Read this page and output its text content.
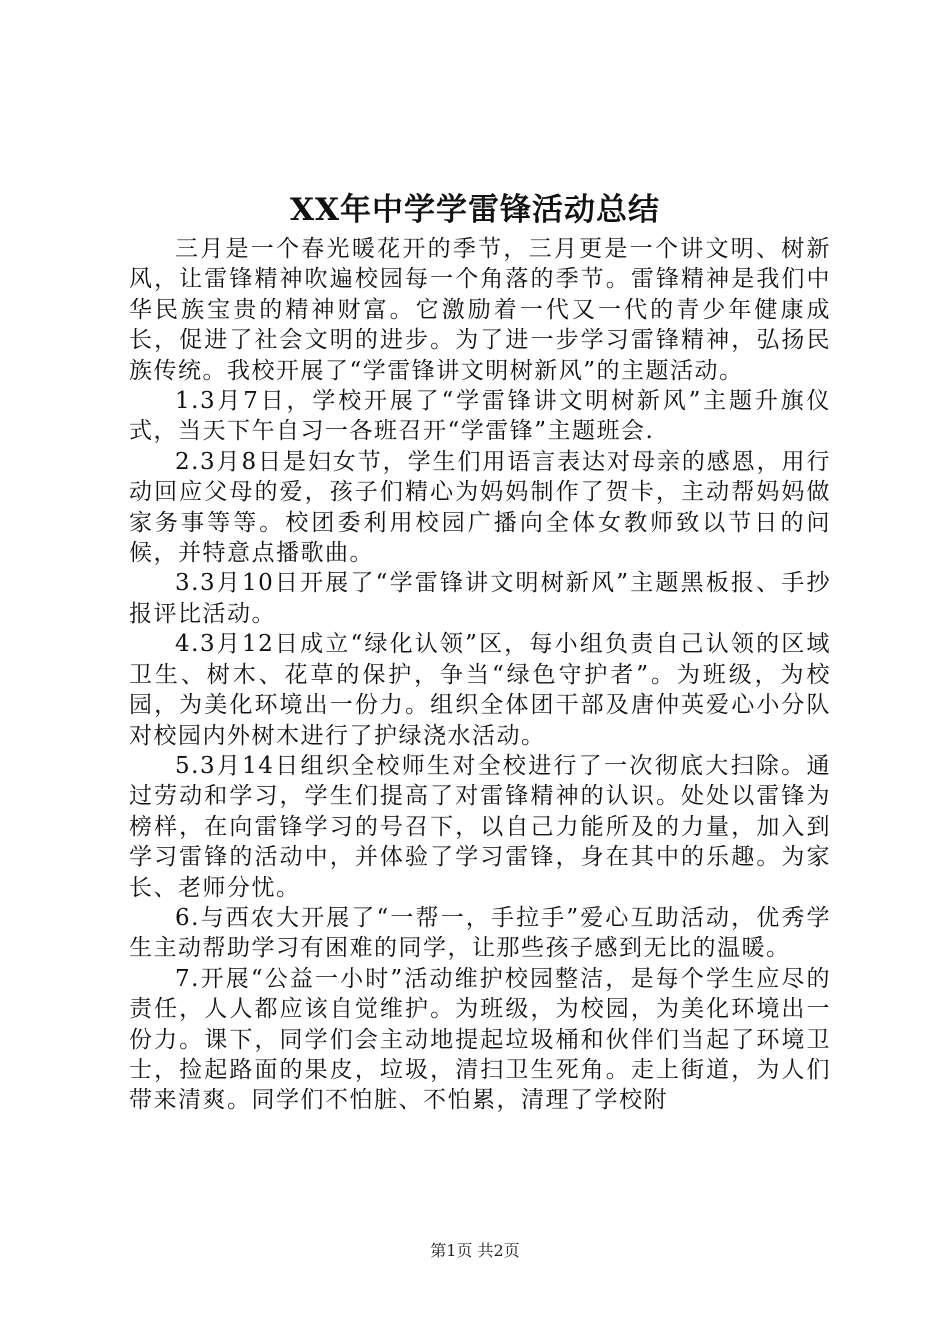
XX年中学学雷锋活动总结

三月是一个春光暖花开的季节，三月更是一个讲文明、树新风，让雷锋精神吹遍校园每一个角落的季节。雷锋精神是我们中华民族宝贵的精神财富。它激励着一代又一代的青少年健康成长，促进了社会文明的进步。为了进一步学习雷锋精神，弘扬民族传统。我校开展了“学雷锋讲文明树新风”的主题活动。

1.3月7日，学校开展了“学雷锋讲文明树新风”主题升旗仪式，当天下午自习一各班召开“学雷锋”主题班会.

2.3月8日是妇女节，学生们用语言表达对母亲的感恩，用行动回应父母的爱，孩子们精心为妈妈制作了贺卡，主动帮妈妈做家务事等等。校团委利用校园广播向全体女教师致以节日的问候，并特意点播歌曲。

3.3月10日开展了“学雷锋讲文明树新风”主题黑板报、手抄报评比活动。

4.3月12日成立“绿化认领”区，每小组负责自己认领的区域卫生、树木、花草的保护，争当“绿色守护者”。为班级，为校园，为美化环境出一份力。组织全体团干部及唐仲英爱心小分队对校园内外树木进行了护绿浇水活动。

5.3月14日组织全校师生对全校进行了一次彻底大扫除。通过劳动和学习，学生们提高了对雷锋精神的认识。处处以雷锋为榜样，在向雷锋学习的号召下，以自己力能所及的力量，加入到学习雷锋的活动中，并体验了学习雷锋，身在其中的乐趣。为家长、老师分忧。

6.与西农大开展了“一帮一，手拉手”爱心互助活动，优秀学生主动帮助学习有困难的同学，让那些孩子感到无比的温暖。

7.开展“公益一小时”活动维护校园整洁，是每个学生应尽的责任，人人都应该自觉维护。为班级，为校园，为美化环境出一份力。课下，同学们会主动地提起垃圾桶和伙伴们当起了环境卫士，捡起路面的果皮，垃圾，清扫卫生死角。走上街道，为人们带来清爽。同学们不怕脏、不怕累，清理了学校附

第1页 共2页
